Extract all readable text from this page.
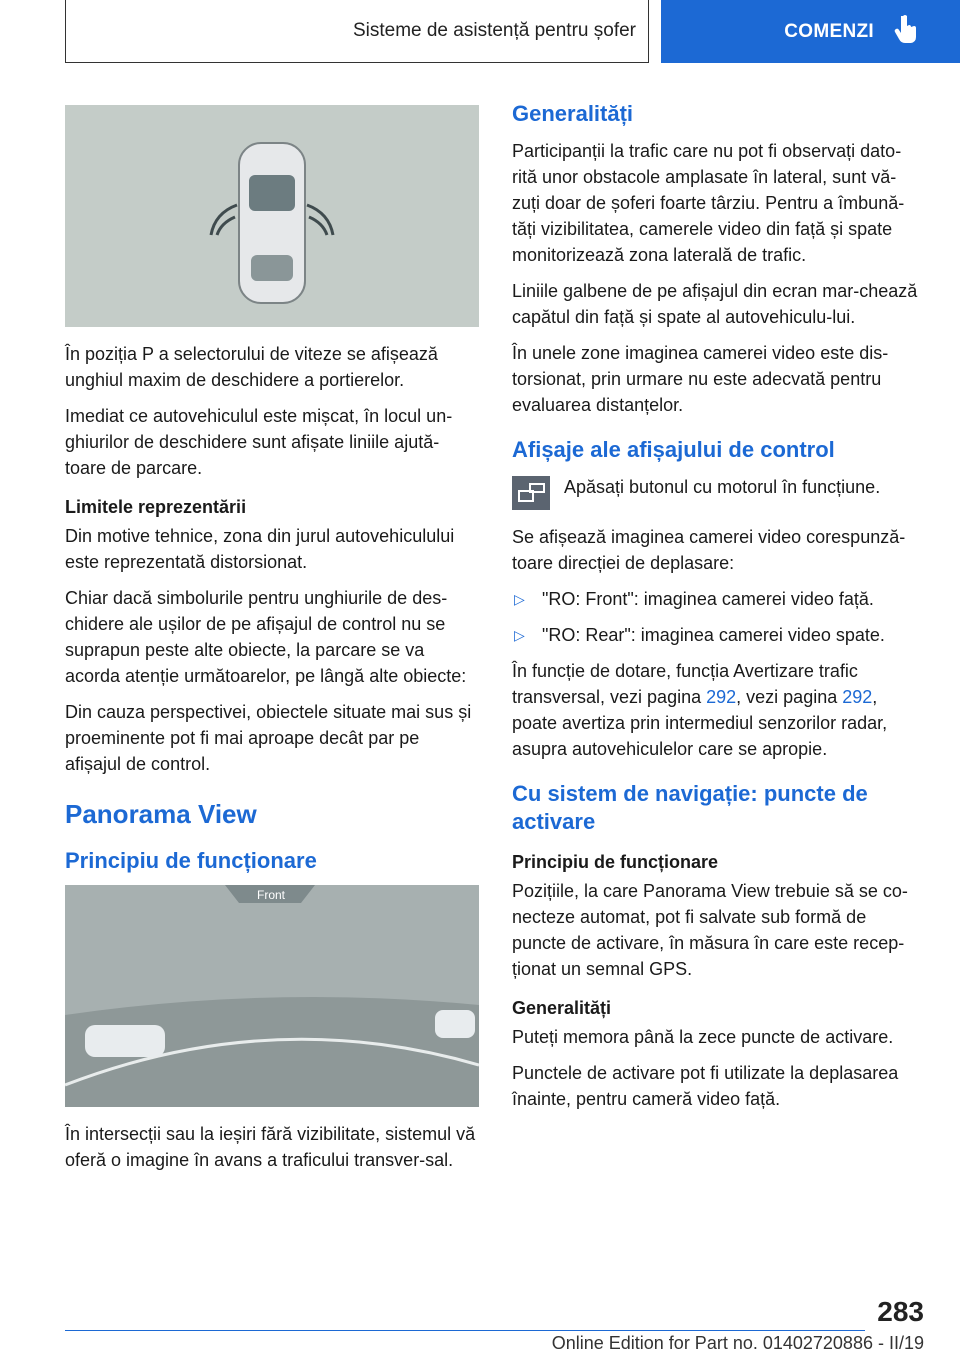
Sisteme de asistență pentru șofer	COMENZI

În poziția P a selectorului de viteze se afișează unghiul maxim de deschidere a portierelor.

Imediat ce autovehiculul este mișcat, în locul un-ghiurilor de deschidere sunt afișate liniile ajută-toare de parcare.

Limitele reprezentării

Din motive tehnice, zona din jurul autovehiculului este reprezentată distorsionat.

Chiar dacă simbolurile pentru unghiurile de des-chidere ale ușilor de pe afișajul de control nu se suprapun peste alte obiecte, la parcare se va acorda atenție următoarelor, pe lângă alte obiecte:

Din cauza perspectivei, obiectele situate mai sus și proeminente pot fi mai aproape decât par pe afișajul de control.

Panorama View
Principiu de funcționare
Front

În intersecții sau la ieșiri fără vizibilitate, sistemul vă oferă o imagine în avans a traficului transver-sal.

Generalități

Participanții la trafic care nu pot fi observați dato-rită unor obstacole amplasate în lateral, sunt vă-zuți doar de șoferi foarte târziu. Pentru a îmbună-tăți vizibilitatea, camerele video din față și spate monitorizează zona laterală de trafic.

Liniile galbene de pe afișajul din ecran mar-chează capătul din față și spate al autovehiculu-lui.

În unele zone imaginea camerei video este dis-torsionat, prin urmare nu este adecvată pentru evaluarea distanțelor.

Afișaje ale afișajului de control

Apăsați butonul cu motorul în funcțiune.

Se afișează imaginea camerei video corespunză-toare direcției de deplasare:

▷ "RO: Front": imaginea camerei video față.
▷ "RO: Rear": imaginea camerei video spate.

În funcție de dotare, funcția Avertizare trafic transversal, vezi pagina 292, vezi pagina 292, poate avertiza prin intermediul senzorilor radar, asupra autovehiculelor care se apropie.

Cu sistem de navigație: puncte de activare
Principiu de funcționare

Pozițiile, la care Panorama View trebuie să se co-necteze automat, pot fi salvate sub formă de puncte de activare, în măsura în care este recep-ționat un semnal GPS.

Generalități

Puteți memora până la zece puncte de activare.

Punctele de activare pot fi utilizate la deplasarea înainte, pentru cameră video față.

283
Online Edition for Part no. 01402720886 - II/19
